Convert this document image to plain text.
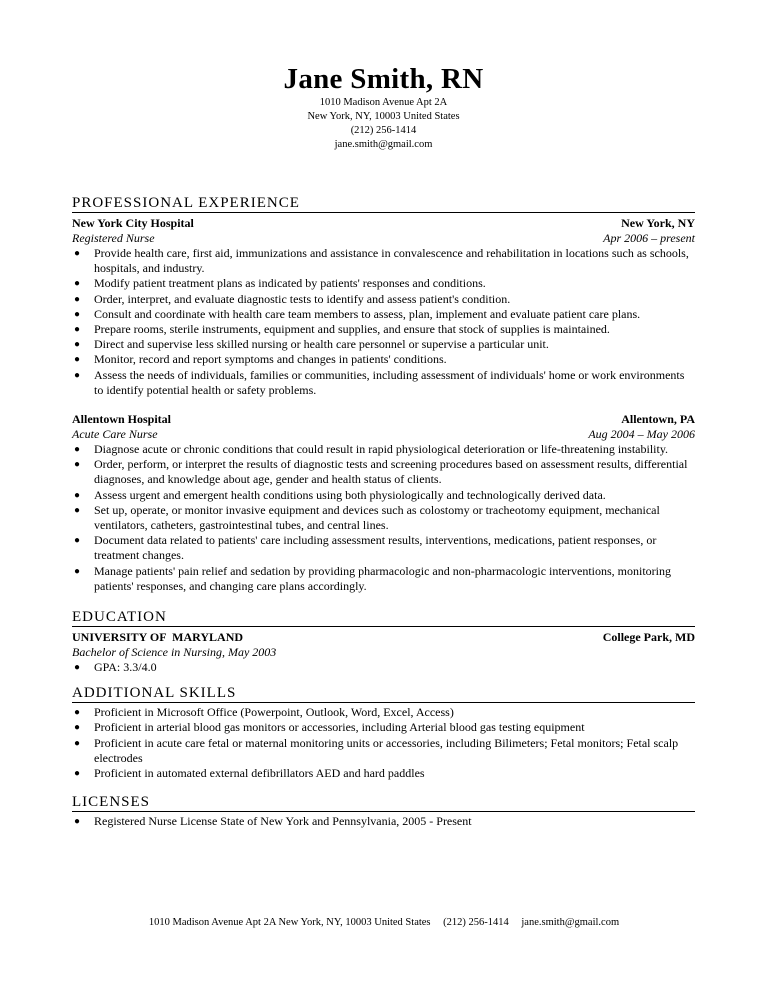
Jane Smith, RN
1010 Madison Avenue Apt 2A
New York, NY, 10003 United States
(212) 256-1414
jane.smith@gmail.com
PROFESSIONAL EXPERIENCE
New York City Hospital	New York, NY
Registered Nurse	Apr 2006 – present
● Provide health care, first aid, immunizations and assistance in convalescence and rehabilitation in locations such as schools, hospitals, and industry.
● Modify patient treatment plans as indicated by patients' responses and conditions.
● Order, interpret, and evaluate diagnostic tests to identify and assess patient's condition.
● Consult and coordinate with health care team members to assess, plan, implement and evaluate patient care plans.
● Prepare rooms, sterile instruments, equipment and supplies, and ensure that stock of supplies is maintained.
● Direct and supervise less skilled nursing or health care personnel or supervise a particular unit.
● Monitor, record and report symptoms and changes in patients' conditions.
● Assess the needs of individuals, families or communities, including assessment of individuals' home or work environments to identify potential health or safety problems.
Allentown Hospital	Allentown, PA
Acute Care Nurse	Aug 2004 – May 2006
● Diagnose acute or chronic conditions that could result in rapid physiological deterioration or life-threatening instability.
● Order, perform, or interpret the results of diagnostic tests and screening procedures based on assessment results, differential diagnoses, and knowledge about age, gender and health status of clients.
● Assess urgent and emergent health conditions using both physiologically and technologically derived data.
● Set up, operate, or monitor invasive equipment and devices such as colostomy or tracheotomy equipment, mechanical ventilators, catheters, gastrointestinal tubes, and central lines.
● Document data related to patients' care including assessment results, interventions, medications, patient responses, or treatment changes.
● Manage patients' pain relief and sedation by providing pharmacologic and non-pharmacologic interventions, monitoring patients' responses, and changing care plans accordingly.
EDUCATION
UNIVERSITY OF  MARYLAND	College Park, MD
Bachelor of Science in Nursing, May 2003
● GPA: 3.3/4.0
ADDITIONAL SKILLS
● Proficient in Microsoft Office (Powerpoint, Outlook, Word, Excel, Access)
● Proficient in arterial blood gas monitors or accessories, including Arterial blood gas testing equipment
● Proficient in acute care fetal or maternal monitoring units or accessories, including Bilimeters; Fetal monitors; Fetal scalp electrodes
● Proficient in automated external defibrillators AED and hard paddles
LICENSES
● Registered Nurse License State of New York and Pennsylvania, 2005 - Present
1010 Madison Avenue Apt 2A New York, NY, 10003 United States (212) 256-1414 jane.smith@gmail.com
